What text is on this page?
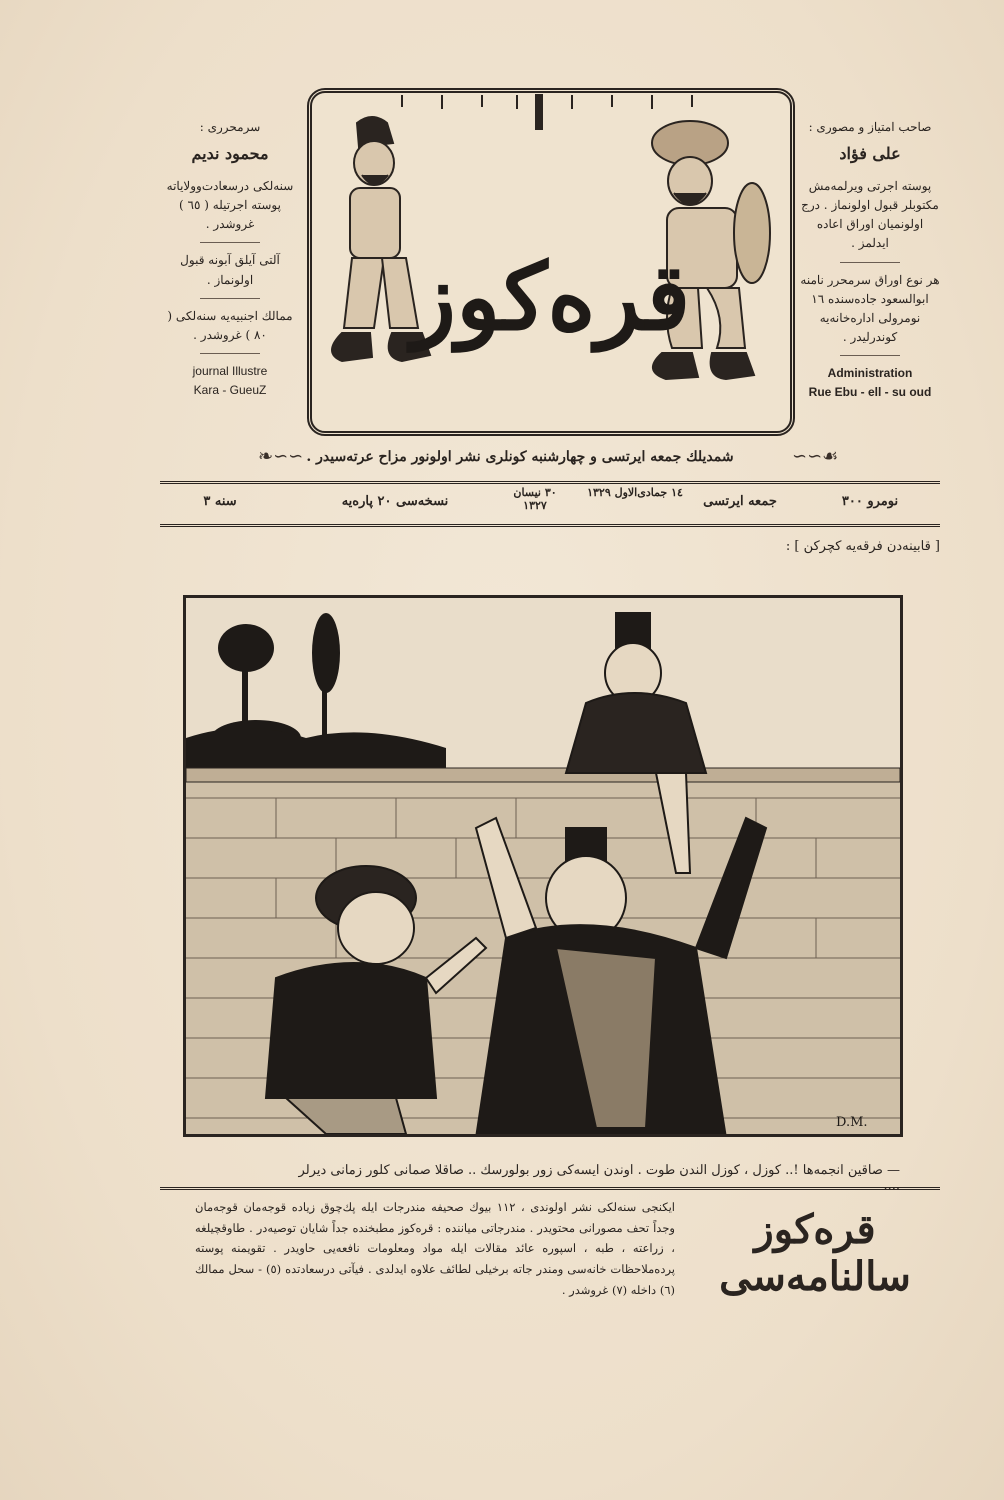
سرمحرری :
محمود ندیم
سنه‌لکی درسعادت‌وولایاته پوسته اجرتیله ( ٦٥ ) غروشدر .
آلتی آیلق آبونه قبول اولونماز .
ممالك اجنبیه‌یه سنه‌لکی ( ٨٠ ) غروشدر .
journal Illustre
Kara - GueuZ
صاحب امتیاز و مصوری :
علی فؤاد
پوسته اجرتی ویرلمه‌مش مکتوبلر قبول اولونماز . درج اولونمیان اوراق اعاده ایدلمز .
هر نوع اوراق سرمحرر نامنه ابوالسعود جاده‌سنده ١٦ نومرولی اداره‌خانه‌یه کوندرلیدر .
Administration
Rue Ebu - ell - su oud
قره‌کوز
❧∽∽ شمدیلك جمعه ایرتسی و چهارشنبه کونلری نشر اولونور مزاح عرته‌سیدر .	∽∽☙
نومرو ٣٠٠
جمعه ایرتسی
١٤ جمادی‌الاول ١٣٢٩
٣٠ نیسان ١٣٢٧
نسخه‌سی ٢٠ پاره‌یه
سنه ٣
[ قابینه‌دن فرقه‌یه کچرکن ] :
D.M.
— صاقین انجمه‌ها !.. کوزل ، کوزل الندن طوت . اوندن ایسه‌کی زور بولورسك .. صاقلا صمانی کلور زمانی دیرلر ....
ایکنجی سنه‌لکی نشر اولوندی ، ١١٢ بیوك صحیفه مندرجات ایله پك‌چوق زیاده قوجه‌مان قوجه‌مان وجداً تحف مصورانی محتویدر . مندرجاتی میاننده : قره‌کوز مطبخنده جداً شایان توصیه‌در . طاوقچیلغه ، زراعته ، طبه ، اسپوره عائد مقالات ایله مواد ومعلومات نافعه‌یی حاویدر . تقویمنه پوسته پرده‌ملاحظات خانه‌سی ومندر جاته برخیلی لطائف علاوه ایدلدی . فیآتی درسعادتده (٥) - سحل ممالك (٦) داخله (٧) غروشدر .
قره‌کوز سالنامه‌سی
